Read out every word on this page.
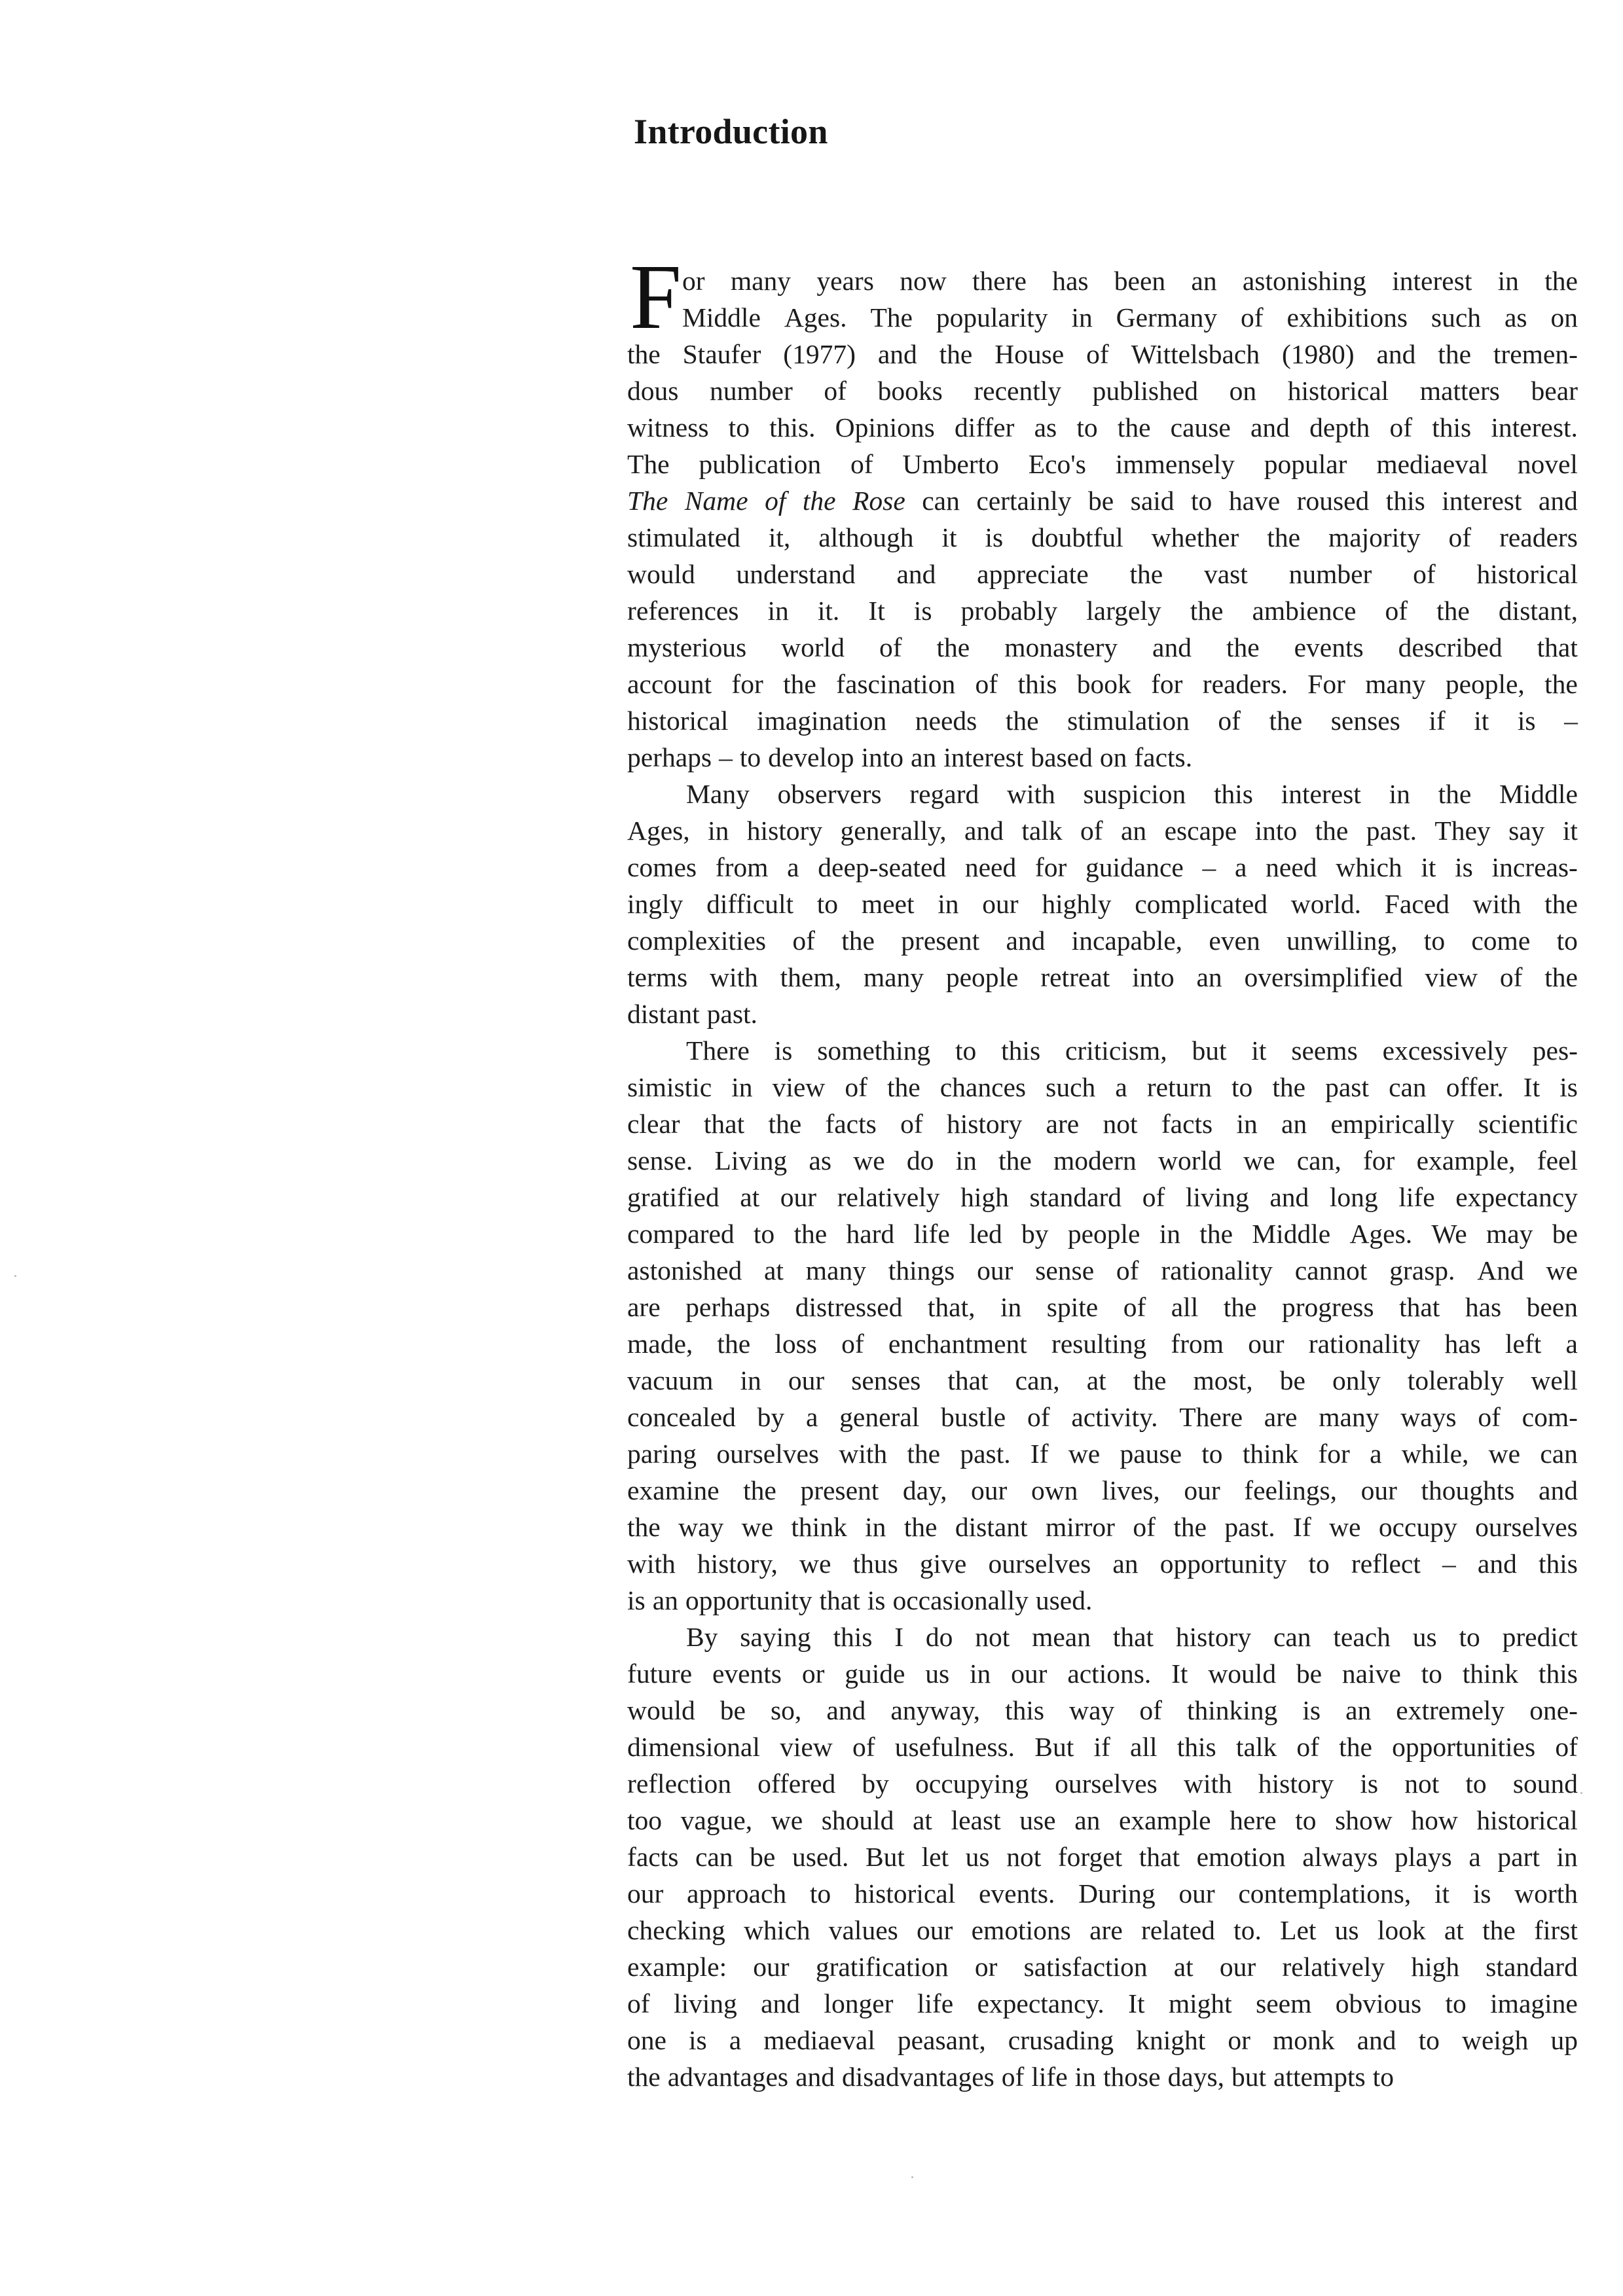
Introduction
F or many years now there has been an astonishing interest in the
Middle Ages. The popularity in Germany of exhibitions such as on
the Staufer (1977) and the House of Wittelsbach (1980) and the tremen-
dous number of books recently published on historical matters bear
witness to this. Opinions differ as to the cause and depth of this interest.
The publication of Umberto Eco's immensely popular mediaeval novel
The Name of the Rose can certainly be said to have roused this interest and
stimulated it, although it is doubtful whether the majority of readers
would understand and appreciate the vast number of historical
references in it. It is probably largely the ambience of the distant,
mysterious world of the monastery and the events described that
account for the fascination of this book for readers. For many people, the
historical imagination needs the stimulation of the senses if it is –
perhaps – to develop into an interest based on facts.
Many observers regard with suspicion this interest in the Middle
Ages, in history generally, and talk of an escape into the past. They say it
comes from a deep-seated need for guidance – a need which it is increas-
ingly difficult to meet in our highly complicated world. Faced with the
complexities of the present and incapable, even unwilling, to come to
terms with them, many people retreat into an oversimplified view of the
distant past.
There is something to this criticism, but it seems excessively pes-
simistic in view of the chances such a return to the past can offer. It is
clear that the facts of history are not facts in an empirically scientific
sense. Living as we do in the modern world we can, for example, feel
gratified at our relatively high standard of living and long life expectancy
compared to the hard life led by people in the Middle Ages. We may be
astonished at many things our sense of rationality cannot grasp. And we
are perhaps distressed that, in spite of all the progress that has been
made, the loss of enchantment resulting from our rationality has left a
vacuum in our senses that can, at the most, be only tolerably well
concealed by a general bustle of activity. There are many ways of com-
paring ourselves with the past. If we pause to think for a while, we can
examine the present day, our own lives, our feelings, our thoughts and
the way we think in the distant mirror of the past. If we occupy ourselves
with history, we thus give ourselves an opportunity to reflect – and this
is an opportunity that is occasionally used.
By saying this I do not mean that history can teach us to predict
future events or guide us in our actions. It would be naive to think this
would be so, and anyway, this way of thinking is an extremely one-
dimensional view of usefulness. But if all this talk of the opportunities of
reflection offered by occupying ourselves with history is not to sound
too vague, we should at least use an example here to show how historical
facts can be used. But let us not forget that emotion always plays a part in
our approach to historical events. During our contemplations, it is worth
checking which values our emotions are related to. Let us look at the first
example: our gratification or satisfaction at our relatively high standard
of living and longer life expectancy. It might seem obvious to imagine
one is a mediaeval peasant, crusading knight or monk and to weigh up
the advantages and disadvantages of life in those days, but attempts to
